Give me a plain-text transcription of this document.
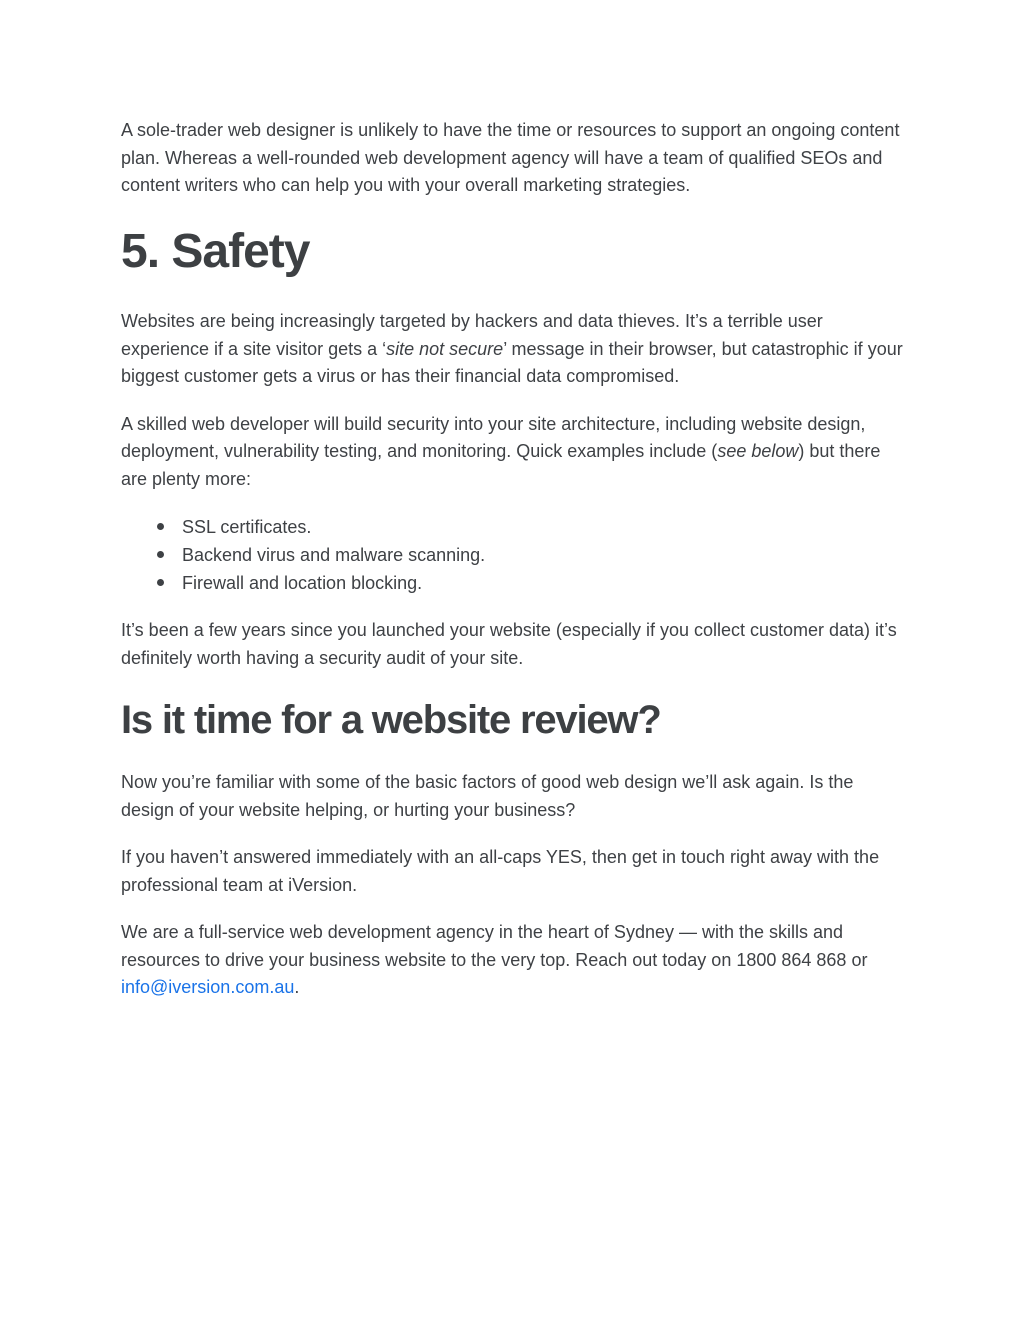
A sole-trader web designer is unlikely to have the time or resources to support an ongoing content plan. Whereas a well-rounded web development agency will have a team of qualified SEOs and content writers who can help you with your overall marketing strategies.

5. Safety

Websites are being increasingly targeted by hackers and data thieves. It’s a terrible user experience if a site visitor gets a ‘site not secure’ message in their browser, but catastrophic if your biggest customer gets a virus or has their financial data compromised.

A skilled web developer will build security into your site architecture, including website design, deployment, vulnerability testing, and monitoring. Quick examples include (see below) but there are plenty more:

SSL certificates.
Backend virus and malware scanning.
Firewall and location blocking.

It’s been a few years since you launched your website (especially if you collect customer data) it’s definitely worth having a security audit of your site.

Is it time for a website review?

Now you’re familiar with some of the basic factors of good web design we’ll ask again. Is the design of your website helping, or hurting your business?

If you haven’t answered immediately with an all-caps YES, then get in touch right away with the professional team at iVersion.

We are a full-service web development agency in the heart of Sydney — with the skills and resources to drive your business website to the very top. Reach out today on 1800 864 868 or info@iversion.com.au.
